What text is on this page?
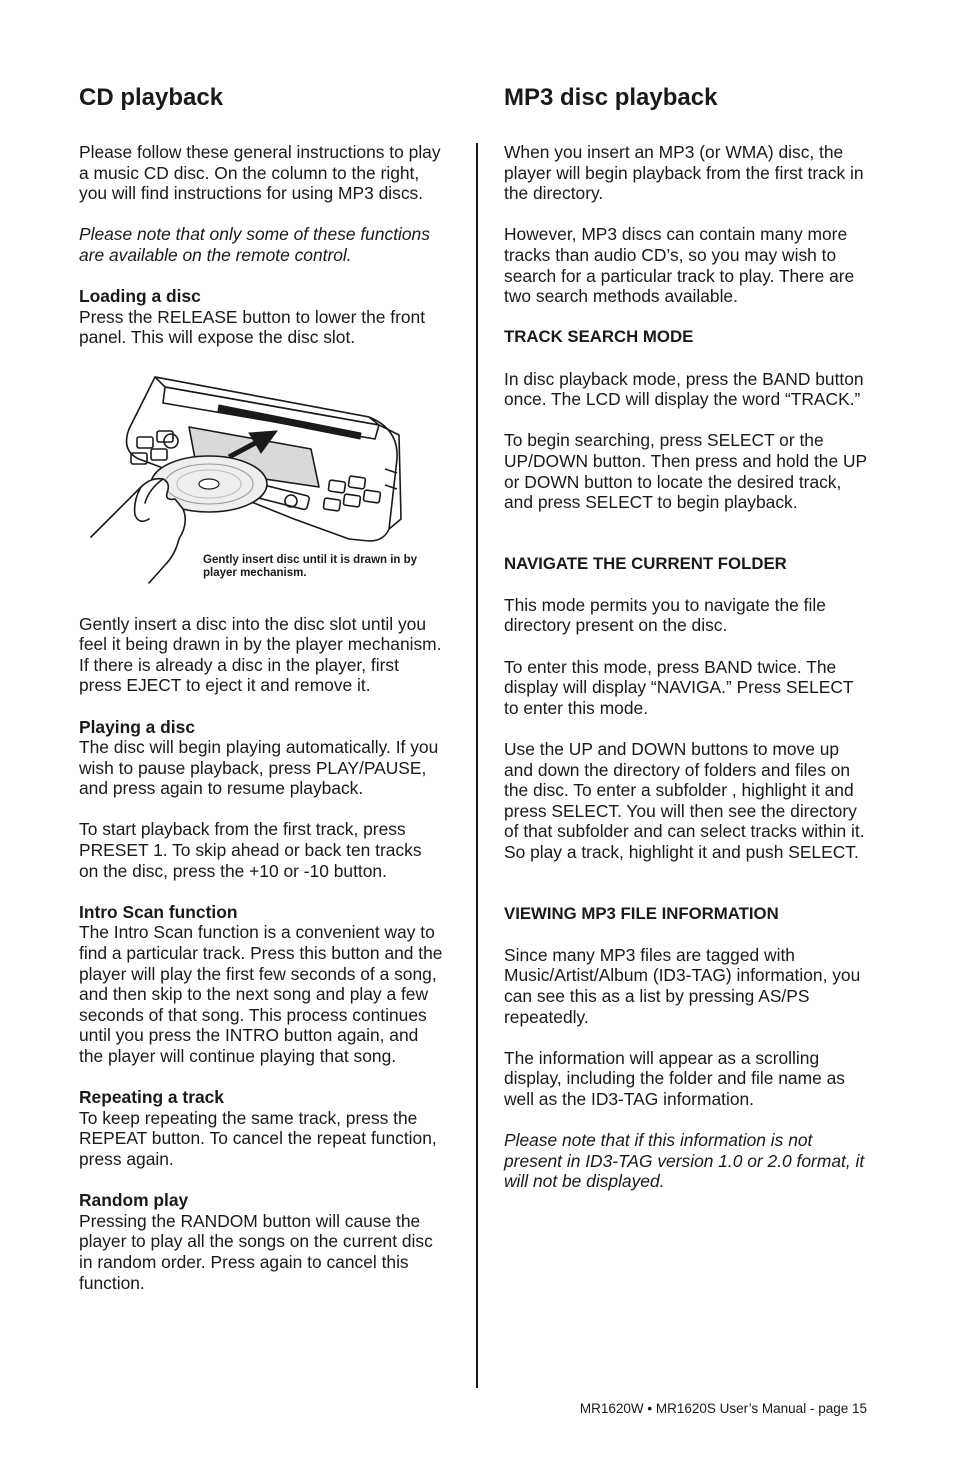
CD playback

Please follow these general instructions to play a music CD disc. On the column to the right, you will find instructions for using MP3 discs.

Please note that only some of these functions are available on the remote control.

Loading a disc
Press the RELEASE button to lower the front panel. This will expose the disc slot.

Gently insert disc until it is drawn in by player mechanism.

Gently insert a disc into the disc slot until you feel it being drawn in by the player mechanism. If there is already a disc in the player, first press EJECT to eject it and remove it.

Playing a disc
The disc will begin playing automatically. If you wish to pause playback, press PLAY/PAUSE, and press again to resume playback.

To start playback from the first track, press PRESET 1. To skip ahead or back ten tracks on the disc, press the +10 or -10 button.

Intro Scan function
The Intro Scan function is a convenient way to find a particular track. Press this button and the player will play the first few seconds of a song, and then skip to the next song and play a few seconds of that song. This process continues until you press the INTRO button again, and the player will continue playing that song.

Repeating a track
To keep repeating the same track, press the REPEAT button. To cancel the repeat function, press again.

Random play
Pressing the RANDOM button will cause the player to play all the songs on the current disc in random order. Press again to cancel this function.

MP3 disc playback

When you insert an MP3 (or WMA) disc, the player will begin playback from the first track in the directory.

However, MP3 discs can contain many more tracks than audio CD’s, so you may wish to search for a particular track to play. There are two search methods available.

TRACK SEARCH MODE

In disc playback mode, press the BAND button once. The LCD will display the word “TRACK.”

To begin searching, press SELECT or the UP/DOWN button. Then press and hold the UP or DOWN button to locate the desired track, and press SELECT to begin playback.

NAVIGATE THE CURRENT FOLDER

This mode permits you to navigate the file directory present on the disc.

To enter this mode, press BAND twice. The display will display “NAVIGA.” Press SELECT to enter this mode.

Use the UP and DOWN buttons to move up and down the directory of folders and files on the disc. To enter a subfolder , highlight it and press SELECT. You will then see the directory of that subfolder and can select tracks within it. So play a track, highlight it and push SELECT.

VIEWING MP3 FILE INFORMATION

Since many MP3 files are tagged with Music/Artist/Album (ID3-TAG) information, you can see this as a list by pressing AS/PS repeatedly.

The information will appear as a scrolling display, including the folder and file name as well as the ID3-TAG information.

Please note that if this information is not present in ID3-TAG version 1.0 or 2.0 format, it will not be displayed.

MR1620W • MR1620S User’s Manual - page 15
